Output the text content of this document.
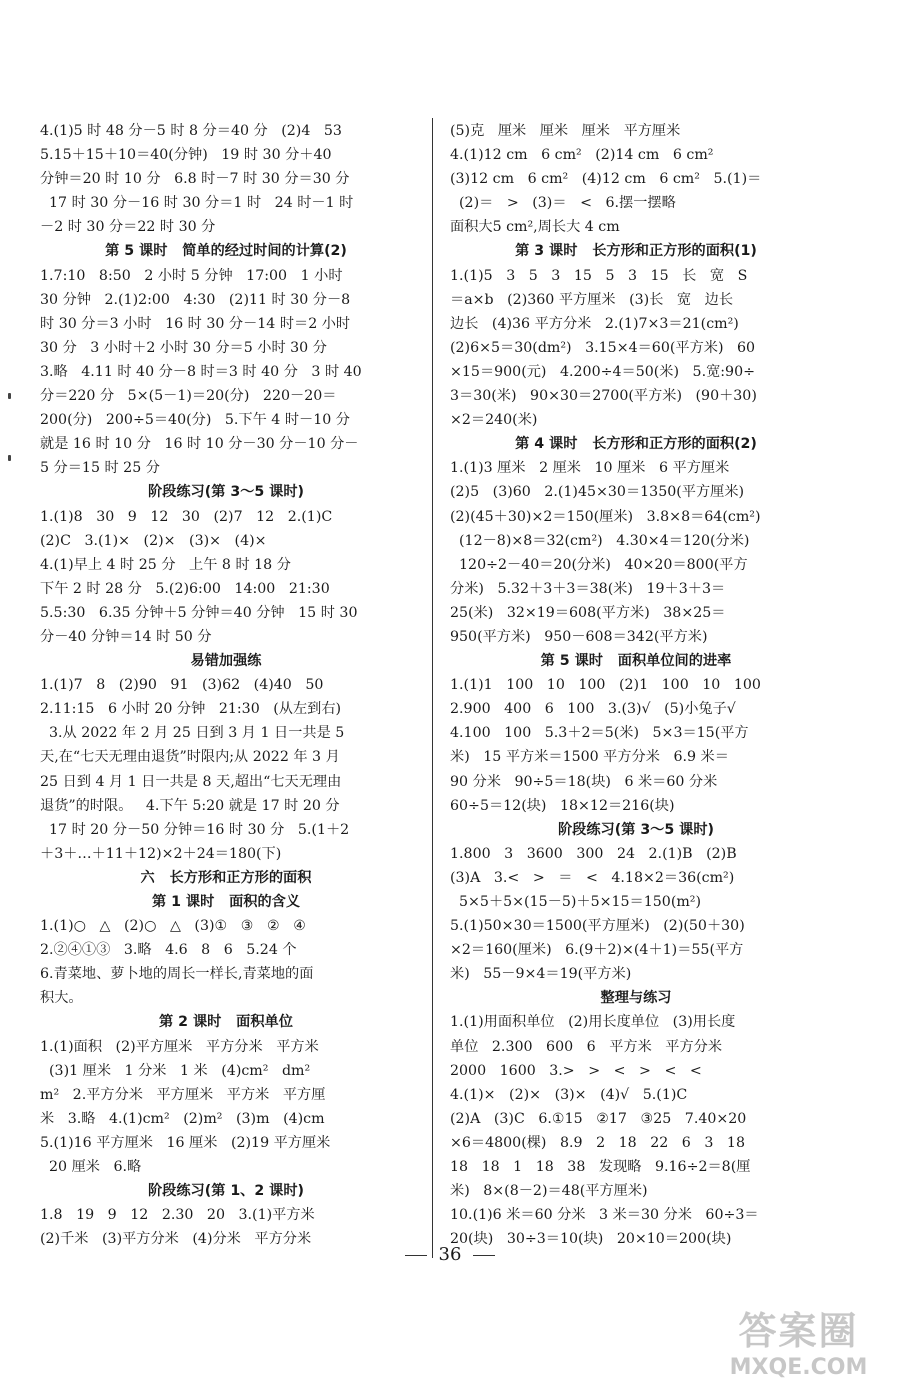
4.(1)5 时 48 分－5 时 8 分＝40 分   (2)4   53
5.15＋15＋10＝40(分钟)   19 时 30 分＋40
分钟＝20 时 10 分   6.8 时－7 时 30 分＝30 分
17 时 30 分－16 时 30 分＝1 时   24 时－1 时
－2 时 30 分＝22 时 30 分
第 5 课时   简单的经过时间的计算(2)
1.7:10   8:50   2 小时 5 分钟   17:00   1 小时
30 分钟   2.(1)2:00   4:30   (2)11 时 30 分－8
时 30 分＝3 小时   16 时 30 分－14 时＝2 小时
30 分   3 小时＋2 小时 30 分＝5 小时 30 分
3.略   4.11 时 40 分－8 时＝3 时 40 分   3 时 40
分＝220 分   5×(5－1)＝20(分)   220－20＝
200(分)   200÷5＝40(分)   5.下午 4 时－10 分
就是 16 时 10 分   16 时 10 分－30 分－10 分－
5 分＝15 时 25 分
阶段练习(第 3～5 课时)
1.(1)8   30   9   12   30   (2)7   12   2.(1)C
(2)C   3.(1)×   (2)×   (3)×   (4)×
4.(1)早上 4 时 25 分   上午 8 时 18 分
下午 2 时 28 分   5.(2)6:00   14:00   21:30
5.5:30   6.35 分钟＋5 分钟＝40 分钟   15 时 30
分－40 分钟＝14 时 50 分
易错加强练
1.(1)7   8   (2)90   91   (3)62   (4)40   50
2.11:15   6 小时 20 分钟   21:30   (从左到右)
3.从 2022 年 2 月 25 日到 3 月 1 日一共是 5
天,在“七天无理由退货”时限内;从 2022 年 3 月
25 日到 4 月 1 日一共是 8 天,超出“七天无理由
退货”的时限。   4.下午 5:20 就是 17 时 20 分
17 时 20 分－50 分钟＝16 时 30 分   5.(1＋2
＋3＋…＋11＋12)×2＋24＝180(下)
六   长方形和正方形的面积
第 1 课时   面积的含义
1.(1)○   △   (2)○   △   (3)①   ③   ②   ④
2.②④①③   3.略   4.6   8   6   5.24 个
6.青菜地、萝卜地的周长一样长,青菜地的面
积大。
第 2 课时   面积单位
1.(1)面积   (2)平方厘米   平方分米   平方米
(3)1 厘米   1 分米   1 米   (4)cm²   dm²
m²   2.平方分米   平方厘米   平方米   平方厘
米   3.略   4.(1)cm²   (2)m²   (3)m   (4)cm
5.(1)16 平方厘米   16 厘米   (2)19 平方厘米
20 厘米   6.略
阶段练习(第 1、2 课时)
1.8   19   9   12   2.30   20   3.(1)平方米
(2)千米   (3)平方分米   (4)分米   平方分米
(5)克   厘米   厘米   厘米   平方厘米
4.(1)12 cm   6 cm²   (2)14 cm   6 cm²
(3)12 cm   6 cm²   (4)12 cm   6 cm²   5.(1)＝
(2)＝   >   (3)＝   <   6.摆一摆略
面积大5 cm²,周长大 4 cm
第 3 课时   长方形和正方形的面积(1)
1.(1)5   3   5   3   15   5   3   15   长   宽   S
＝a×b   (2)360 平方厘米   (3)长   宽   边长
边长   (4)36 平方分米   2.(1)7×3＝21(cm²)
(2)6×5＝30(dm²)   3.15×4＝60(平方米)   60
×15＝900(元)   4.200÷4＝50(米)   5.宽:90÷
3＝30(米)   90×30＝2700(平方米)   (90＋30)
×2＝240(米)
第 4 课时   长方形和正方形的面积(2)
1.(1)3 厘米   2 厘米   10 厘米   6 平方厘米
(2)5   (3)60   2.(1)45×30＝1350(平方厘米)
(2)(45＋30)×2＝150(厘米)   3.8×8＝64(cm²)
(12－8)×8＝32(cm²)   4.30×4＝120(分米)
120÷2－40＝20(分米)   40×20＝800(平方
分米)   5.32＋3＋3＝38(米)   19＋3＋3＝
25(米)   32×19＝608(平方米)   38×25＝
950(平方米)   950－608＝342(平方米)
第 5 课时   面积单位间的进率
1.(1)1   100   10   100   (2)1   100   10   100
2.900   400   6   100   3.(3)√   (5)小兔子√
4.100   100   5.3＋2＝5(米)   5×3＝15(平方
米)   15 平方米＝1500 平方分米   6.9 米＝
90 分米   90÷5＝18(块)   6 米＝60 分米
60÷5＝12(块)   18×12＝216(块)
阶段练习(第 3～5 课时)
1.800   3   3600   300   24   2.(1)B   (2)B
(3)A   3.<   >   ＝   <   4.18×2＝36(cm²)
5×5＋5×(15－5)＋5×15＝150(m²)
5.(1)50×30＝1500(平方厘米)   (2)(50＋30)
×2＝160(厘米)   6.(9＋2)×(4＋1)＝55(平方
米)   55－9×4＝19(平方米)
整理与练习
1.(1)用面积单位   (2)用长度单位   (3)用长度
单位   2.300   600   6   平方米   平方分米
2000   1600   3.>   >   <   >   <   <
4.(1)×   (2)×   (3)×   (4)√   5.(1)C
(2)A   (3)C   6.①15   ②17   ③25   7.40×20
×6＝4800(棵)   8.9   2   18   22   6   3   18
18   18   1   18   38   发现略   9.16÷2＝8(厘
米)   8×(8－2)＝48(平方厘米)
10.(1)6 米＝60 分米   3 米＝30 分米   60÷3＝
20(块)   30÷3＝10(块)   20×10＝200(块)
36
答案圈
MXQE.COM
